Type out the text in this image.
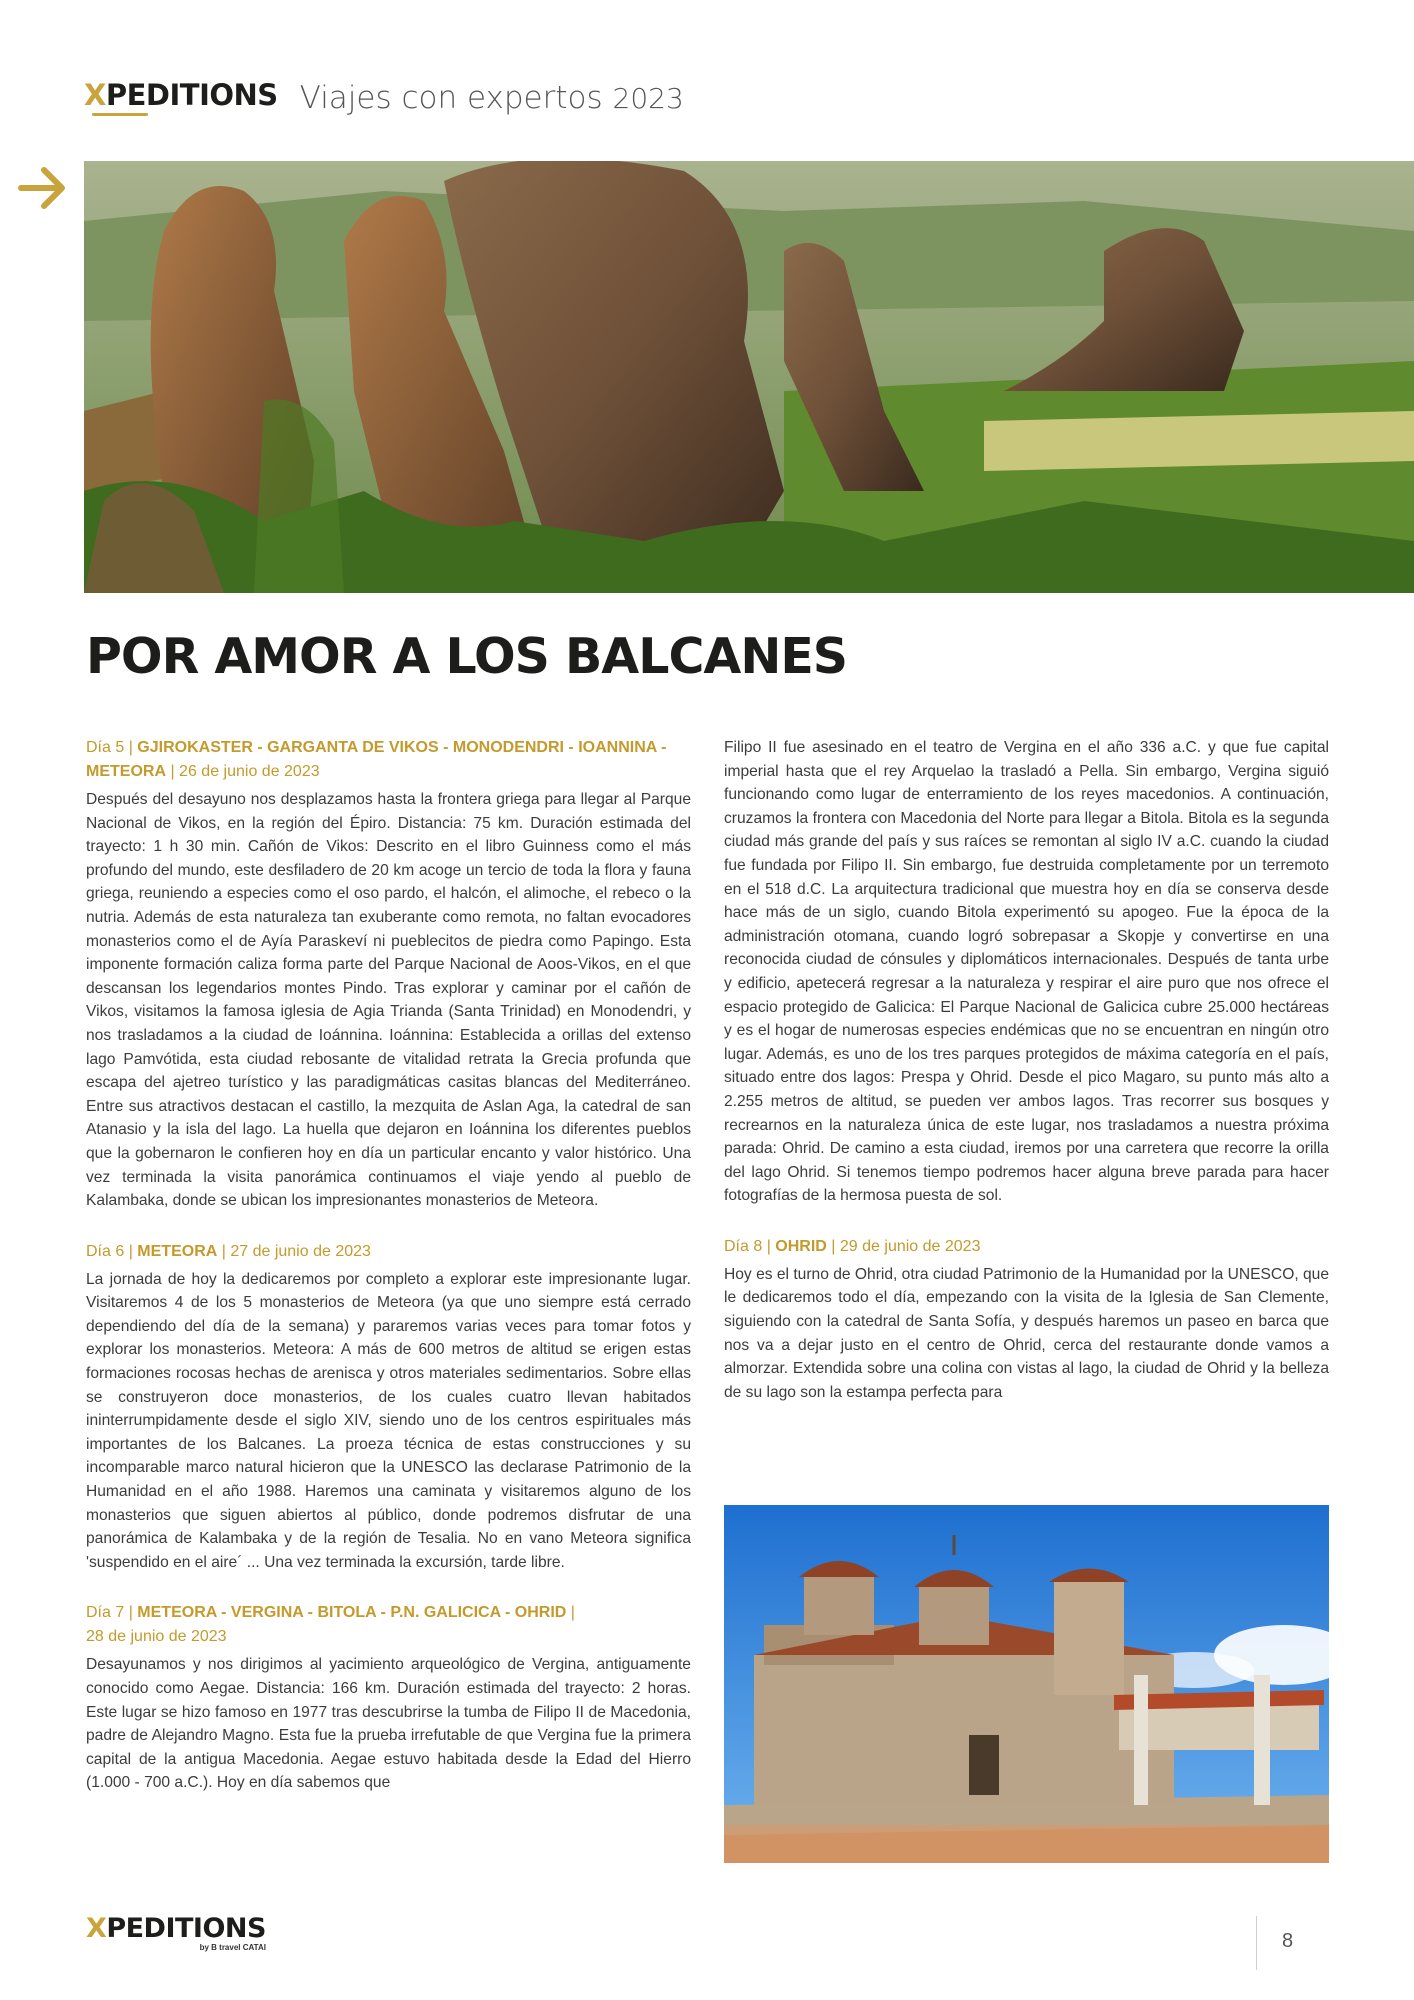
XPEDITIONS Viajes con expertos 2023
POR AMOR A LOS BALCANES
Día 5 | GJIROKASTER - GARGANTA DE VIKOS - MONODENDRI - IOANNINA - METEORA | 26 de junio de 2023

Después del desayuno nos desplazamos hasta la frontera griega para llegar al Parque Nacional de Vikos, en la región del Épiro. Distancia: 75 km. Duración estimada del trayecto: 1 h 30 min. Cañón de Vikos: Descrito en el libro Guinness como el más profundo del mundo, este desfiladero de 20 km acoge un tercio de toda la flora y fauna griega, reuniendo a especies como el oso pardo, el halcón, el alimoche, el rebeco o la nutria. Además de esta naturaleza tan exuberante como remota, no faltan evocadores monasterios como el de Ayía Paraskeví ni pueblecitos de piedra como Papingo. Esta imponente formación caliza forma parte del Parque Nacional de Aoos-Vikos, en el que descansan los legendarios montes Pindo. Tras explorar y caminar por el cañón de Vikos, visitamos la famosa iglesia de Agia Trianda (Santa Trinidad) en Monodendri, y nos trasladamos a la ciudad de Ioánnina. Ioánnina: Establecida a orillas del extenso lago Pamvótida, esta ciudad rebosante de vitalidad retrata la Grecia profunda que escapa del ajetreo turístico y las paradigmáticas casitas blancas del Mediterráneo. Entre sus atractivos destacan el castillo, la mezquita de Aslan Aga, la catedral de san Atanasio y la isla del lago. La huella que dejaron en Ioánnina los diferentes pueblos que la gobernaron le confieren hoy en día un particular encanto y valor histórico. Una vez terminada la visita panorámica continuamos el viaje yendo al pueblo de Kalambaka, donde se ubican los impresionantes monasterios de Meteora.

Día 6 | METEORA | 27 de junio de 2023

La jornada de hoy la dedicaremos por completo a explorar este impresionante lugar. Visitaremos 4 de los 5 monasterios de Meteora (ya que uno siempre está cerrado dependiendo del día de la semana) y pararemos varias veces para tomar fotos y explorar los monasterios. Meteora: A más de 600 metros de altitud se erigen estas formaciones rocosas hechas de arenisca y otros materiales sedimentarios. Sobre ellas se construyeron doce monasterios, de los cuales cuatro llevan habitados ininterrumpidamente desde el siglo XIV, siendo uno de los centros espirituales más importantes de los Balcanes. La proeza técnica de estas construcciones y su incomparable marco natural hicieron que la UNESCO las declarase Patrimonio de la Humanidad en el año 1988. Haremos una caminata y visitaremos alguno de los monasterios que siguen abiertos al público, donde podremos disfrutar de una panorámica de Kalambaka y de la región de Tesalia. No en vano Meteora significa 'suspendido en el aire´ ... Una vez terminada la excursión, tarde libre.

Día 7 | METEORA - VERGINA - BITOLA - P.N. GALICICA - OHRID |
28 de junio de 2023

Desayunamos y nos dirigimos al yacimiento arqueológico de Vergina, antiguamente conocido como Aegae. Distancia: 166 km. Duración estimada del trayecto: 2 horas. Este lugar se hizo famoso en 1977 tras descubrirse la tumba de Filipo II de Macedonia, padre de Alejandro Magno. Esta fue la prueba irrefutable de que Vergina fue la primera capital de la antigua Macedonia. Aegae estuvo habitada desde la Edad del Hierro (1.000 - 700 a.C.). Hoy en día sabemos que

Filipo II fue asesinado en el teatro de Vergina en el año 336 a.C. y que fue capital imperial hasta que el rey Arquelao la trasladó a Pella. Sin embargo, Vergina siguió funcionando como lugar de enterramiento de los reyes macedonios. A continuación, cruzamos la frontera con Macedonia del Norte para llegar a Bitola. Bitola es la segunda ciudad más grande del país y sus raíces se remontan al siglo IV a.C. cuando la ciudad fue fundada por Filipo II. Sin embargo, fue destruida completamente por un terremoto en el 518 d.C. La arquitectura tradicional que muestra hoy en día se conserva desde hace más de un siglo, cuando Bitola experimentó su apogeo. Fue la época de la administración otomana, cuando logró sobrepasar a Skopje y convertirse en una reconocida ciudad de cónsules y diplomáticos internacionales. Después de tanta urbe y edificio, apetecerá regresar a la naturaleza y respirar el aire puro que nos ofrece el espacio protegido de Galicica: El Parque Nacional de Galicica cubre 25.000 hectáreas y es el hogar de numerosas especies endémicas que no se encuentran en ningún otro lugar. Además, es uno de los tres parques protegidos de máxima categoría en el país, situado entre dos lagos: Prespa y Ohrid. Desde el pico Magaro, su punto más alto a 2.255 metros de altitud, se pueden ver ambos lagos. Tras recorrer sus bosques y recrearnos en la naturaleza única de este lugar, nos trasladamos a nuestra próxima parada: Ohrid. De camino a esta ciudad, iremos por una carretera que recorre la orilla del lago Ohrid. Si tenemos tiempo podremos hacer alguna breve parada para hacer fotografías de la hermosa puesta de sol.

Día 8 | OHRID | 29 de junio de 2023

Hoy es el turno de Ohrid, otra ciudad Patrimonio de la Humanidad por la UNESCO, que le dedicaremos todo el día, empezando con la visita de la Iglesia de San Clemente, siguiendo con la catedral de Santa Sofía, y después haremos un paseo en barca que nos va a dejar justo en el centro de Ohrid, cerca del restaurante donde vamos a almorzar. Extendida sobre una colina con vistas al lago, la ciudad de Ohrid y la belleza de su lago son la estampa perfecta para

XPEDITIONS
by B travel CATAI	8
